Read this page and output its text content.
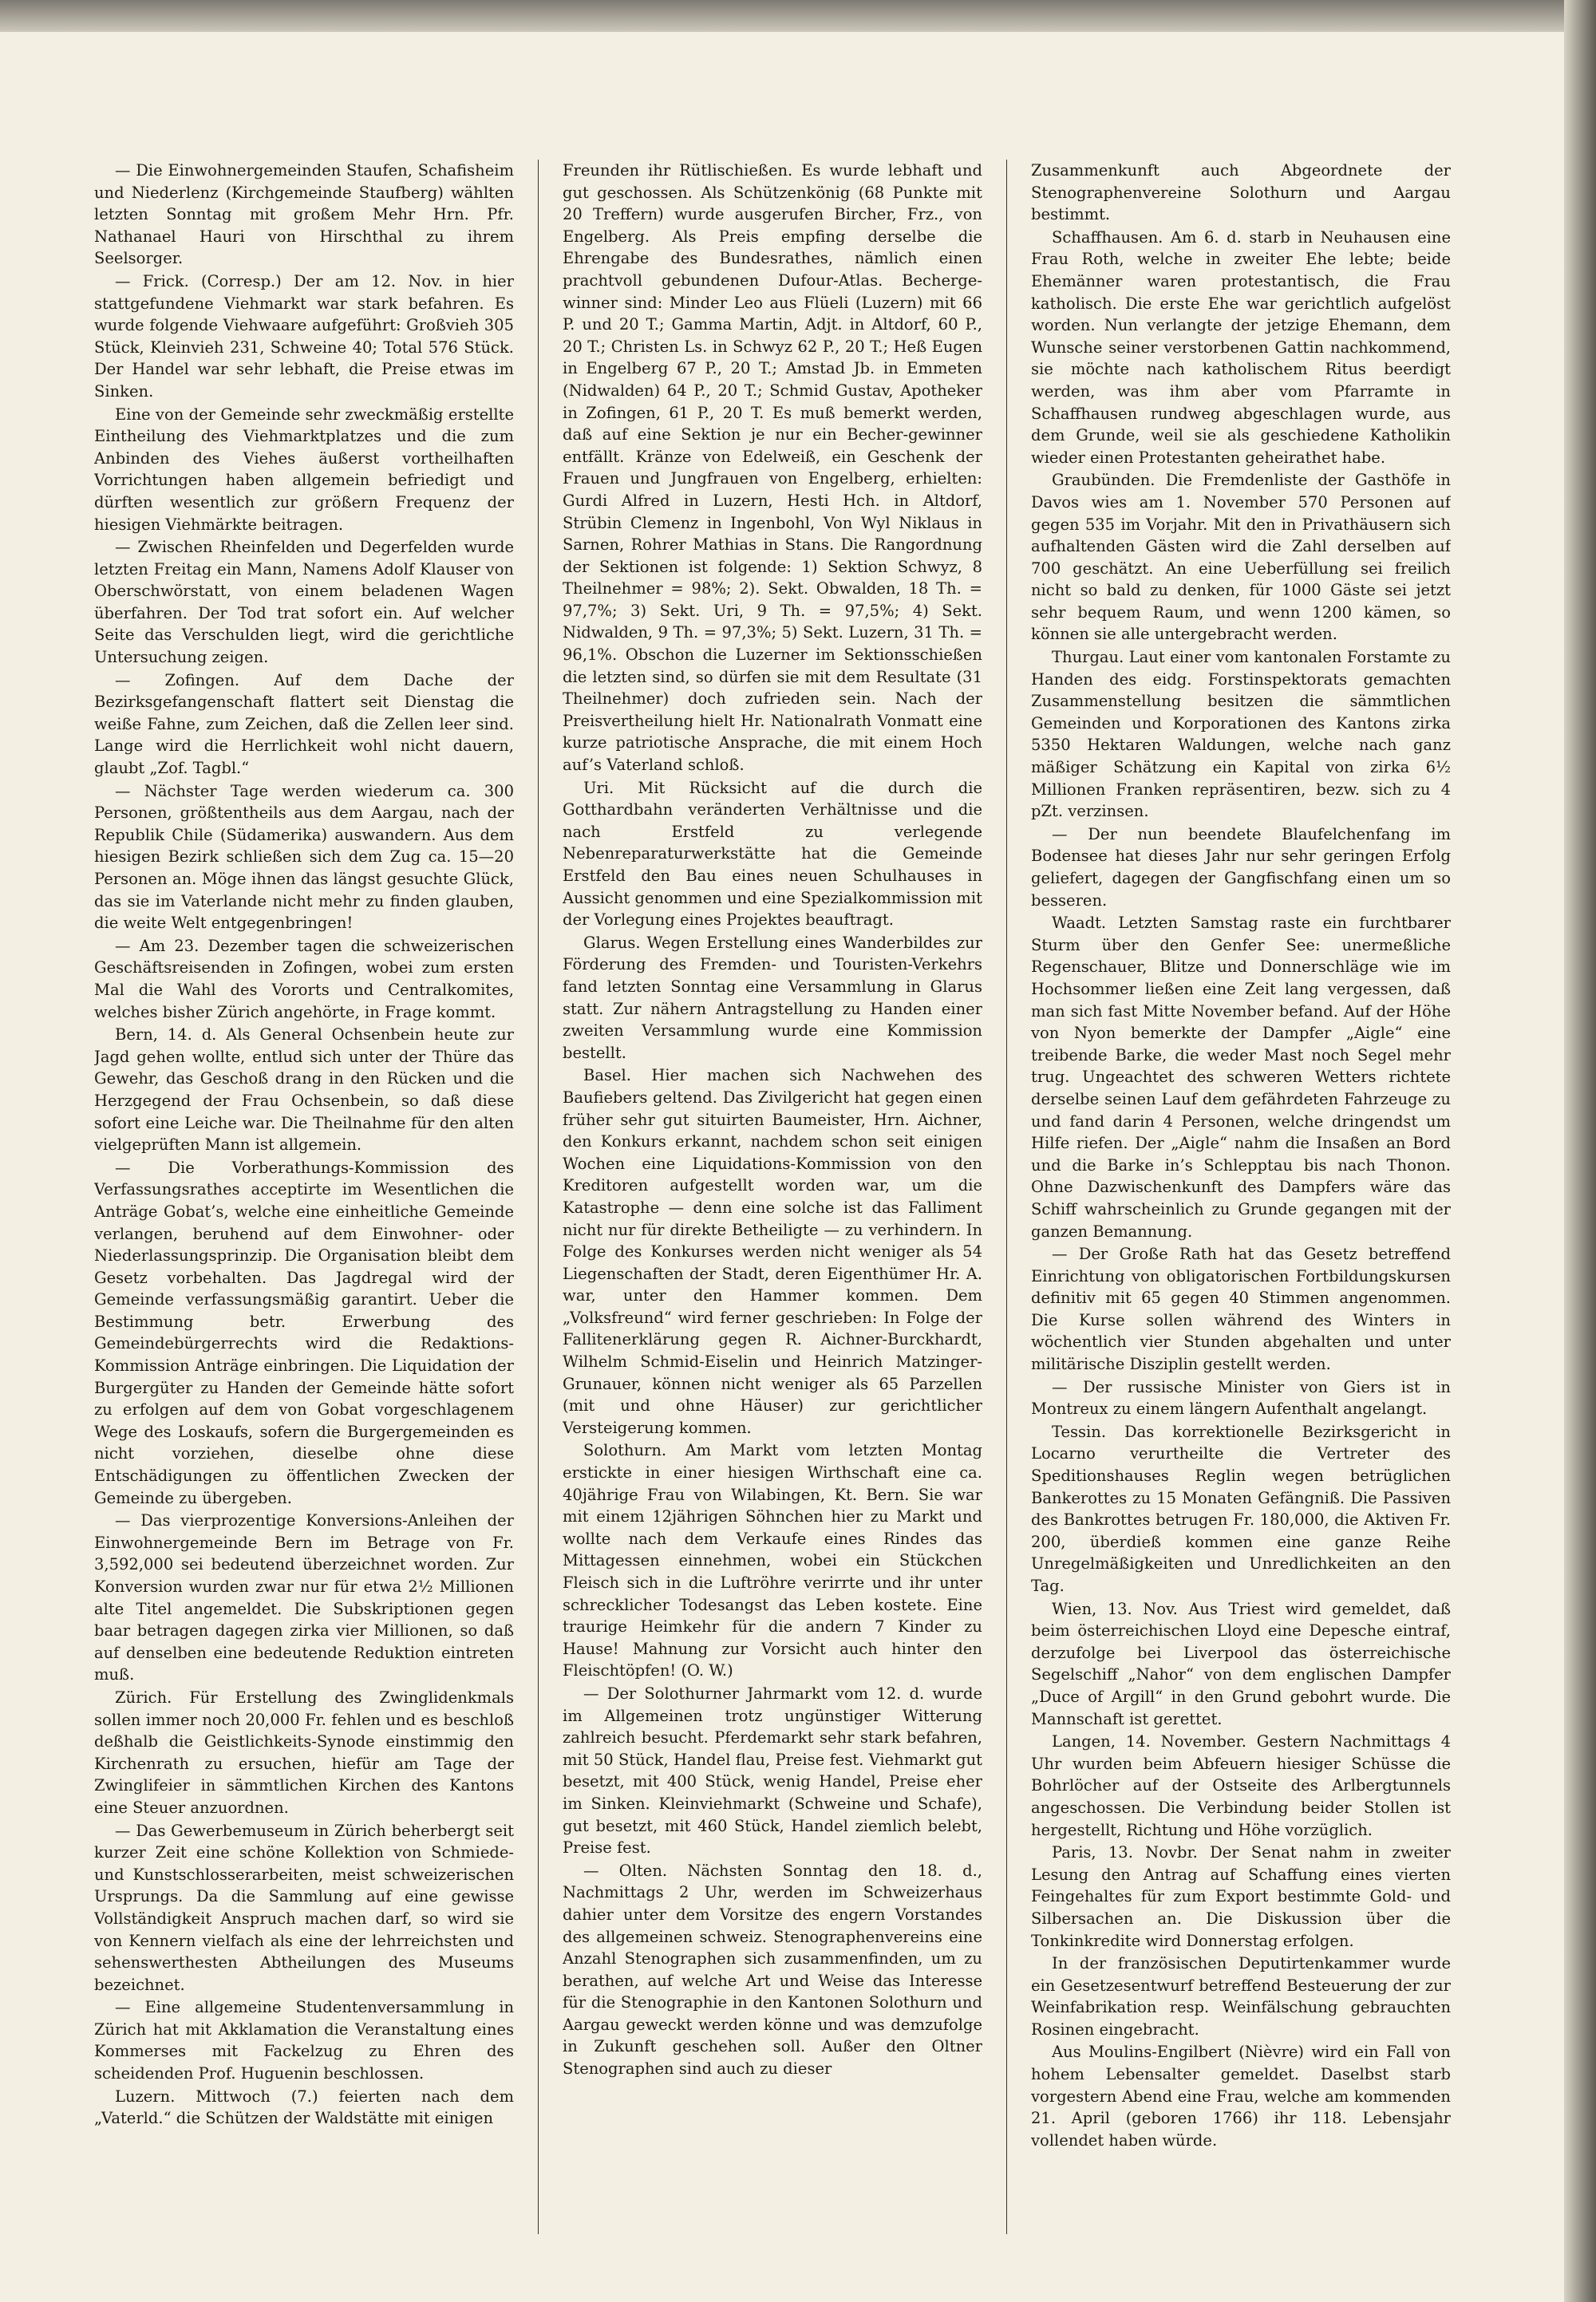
— Die Einwohnergemeinden Staufen, Schafisheim und Niederlenz (Kirchgemeinde Staufberg) wählten letzten Sonntag mit großem Mehr Hrn. Pfr. Nathanael Hauri von Hirschthal zu ihrem Seelsorger.

— Frick. (Corresp.) Der am 12. Nov. in hier stattgefundene Viehmarkt war stark befahren. Es wurde folgende Viehwaare aufgeführt: Großvieh 305 Stück, Kleinvieh 231, Schweine 40; Total 576 Stück. Der Handel war sehr lebhaft, die Preise etwas im Sinken.

Eine von der Gemeinde sehr zweckmäßig erstellte Eintheilung des Viehmarktplatzes und die zum Anbinden des Viehes äußerst vortheilhaften Vorrichtungen haben allgemein befriedigt und dürften wesentlich zur größern Frequenz der hiesigen Viehmärkte beitragen.

— Zwischen Rheinfelden und Degerfelden wurde letzten Freitag ein Mann, Namens Adolf Klauser von Oberschwörstatt, von einem beladenen Wagen überfahren. Der Tod trat sofort ein. Auf welcher Seite das Verschulden liegt, wird die gerichtliche Untersuchung zeigen.

— Zofingen. Auf dem Dache der Bezirksgefangenschaft flattert seit Dienstag die weiße Fahne, zum Zeichen, daß die Zellen leer sind. Lange wird die Herrlichkeit wohl nicht dauern, glaubt „Zof. Tagbl.“

— Nächster Tage werden wiederum ca. 300 Personen, größtentheils aus dem Aargau, nach der Republik Chile (Südamerika) auswandern. Aus dem hiesigen Bezirk schließen sich dem Zug ca. 15—20 Personen an. Möge ihnen das längst gesuchte Glück, das sie im Vaterlande nicht mehr zu finden glauben, die weite Welt entgegenbringen!

— Am 23. Dezember tagen die schweizerischen Geschäftsreisenden in Zofingen, wobei zum ersten Mal die Wahl des Vororts und Centralkomites, welches bisher Zürich angehörte, in Frage kommt.

Bern, 14. d. Als General Ochsenbein heute zur Jagd gehen wollte, entlud sich unter der Thüre das Gewehr, das Geschoß drang in den Rücken und die Herzgegend der Frau Ochsenbein, so daß diese sofort eine Leiche war. Die Theilnahme für den alten vielgeprüften Mann ist allgemein.

— Die Vorberathungs-Kommission des Verfassungsrathes acceptirte im Wesentlichen die Anträge Gobat’s, welche eine einheitliche Gemeinde verlangen, beruhend auf dem Einwohner- oder Niederlassungsprinzip. Die Organisation bleibt dem Gesetz vorbehalten. Das Jagdregal wird der Gemeinde verfassungsmäßig garantirt. Ueber die Bestimmung betr. Erwerbung des Gemeindebürgerrechts wird die Redaktions-Kommission Anträge einbringen. Die Liquidation der Burgergüter zu Handen der Gemeinde hätte sofort zu erfolgen auf dem von Gobat vorgeschlagenem Wege des Loskaufs, sofern die Burgergemeinden es nicht vorziehen, dieselbe ohne diese Entschädigungen zu öffentlichen Zwecken der Gemeinde zu übergeben.

— Das vierprozentige Konversions-Anleihen der Einwohnergemeinde Bern im Betrage von Fr. 3,592,000 sei bedeutend überzeichnet worden. Zur Konversion wurden zwar nur für etwa 2½ Millionen alte Titel angemeldet. Die Subskriptionen gegen baar betragen dagegen zirka vier Millionen, so daß auf denselben eine bedeutende Reduktion eintreten muß.

Zürich. Für Erstellung des Zwinglidenkmals sollen immer noch 20,000 Fr. fehlen und es beschloß deßhalb die Geistlichkeits-Synode einstimmig den Kirchenrath zu ersuchen, hiefür am Tage der Zwinglifeier in sämmtlichen Kirchen des Kantons eine Steuer anzuordnen.

— Das Gewerbemuseum in Zürich beherbergt seit kurzer Zeit eine schöne Kollektion von Schmiede- und Kunstschlosserarbeiten, meist schweizerischen Ursprungs. Da die Sammlung auf eine gewisse Vollständigkeit Anspruch machen darf, so wird sie von Kennern vielfach als eine der lehrreichsten und sehenswerthesten Abtheilungen des Museums bezeichnet.

— Eine allgemeine Studentenversammlung in Zürich hat mit Akklamation die Veranstaltung eines Kommerses mit Fackelzug zu Ehren des scheidenden Prof. Huguenin beschlossen.

Luzern. Mittwoch (7.) feierten nach dem „Vaterld.“ die Schützen der Waldstätte mit einigen

Freunden ihr Rütlischießen. Es wurde lebhaft und gut geschossen. Als Schützenkönig (68 Punkte mit 20 Treffern) wurde ausgerufen Bircher, Frz., von Engelberg. Als Preis empfing derselbe die Ehrengabe des Bundesrathes, nämlich einen prachtvoll gebundenen Dufour-Atlas. Becherge-winner sind: Minder Leo aus Flüeli (Luzern) mit 66 P. und 20 T.; Gamma Martin, Adjt. in Altdorf, 60 P., 20 T.; Christen Ls. in Schwyz 62 P., 20 T.; Heß Eugen in Engelberg 67 P., 20 T.; Amstad Jb. in Emmeten (Nidwalden) 64 P., 20 T.; Schmid Gustav, Apotheker in Zofingen, 61 P., 20 T. Es muß bemerkt werden, daß auf eine Sektion je nur ein Becher-gewinner entfällt. Kränze von Edelweiß, ein Geschenk der Frauen und Jungfrauen von Engelberg, erhielten: Gurdi Alfred in Luzern, Hesti Hch. in Altdorf, Strübin Clemenz in Ingenbohl, Von Wyl Niklaus in Sarnen, Rohrer Mathias in Stans. Die Rangordnung der Sektionen ist folgende: 1) Sektion Schwyz, 8 Theilnehmer = 98%; 2). Sekt. Obwalden, 18 Th. = 97,7%; 3) Sekt. Uri, 9 Th. = 97,5%; 4) Sekt. Nidwalden, 9 Th. = 97,3%; 5) Sekt. Luzern, 31 Th. = 96,1%. Obschon die Luzerner im Sektionsschießen die letzten sind, so dürfen sie mit dem Resultate (31 Theilnehmer) doch zufrieden sein. Nach der Preisvertheilung hielt Hr. Nationalrath Vonmatt eine kurze patriotische Ansprache, die mit einem Hoch auf’s Vaterland schloß.

Uri. Mit Rücksicht auf die durch die Gotthardbahn veränderten Verhältnisse und die nach Erstfeld zu verlegende Nebenreparaturwerkstätte hat die Gemeinde Erstfeld den Bau eines neuen Schulhauses in Aussicht genommen und eine Spezialkommission mit der Vorlegung eines Projektes beauftragt.

Glarus. Wegen Erstellung eines Wanderbildes zur Förderung des Fremden- und Touristen-Verkehrs fand letzten Sonntag eine Versammlung in Glarus statt. Zur nähern Antragstellung zu Handen einer zweiten Versammlung wurde eine Kommission bestellt.

Basel. Hier machen sich Nachwehen des Baufiebers geltend. Das Zivilgericht hat gegen einen früher sehr gut situirten Baumeister, Hrn. Aichner, den Konkurs erkannt, nachdem schon seit einigen Wochen eine Liquidations-Kommission von den Kreditoren aufgestellt worden war, um die Katastrophe — denn eine solche ist das Falliment nicht nur für direkte Betheiligte — zu verhindern. In Folge des Konkurses werden nicht weniger als 54 Liegenschaften der Stadt, deren Eigenthümer Hr. A. war, unter den Hammer kommen. Dem „Volksfreund“ wird ferner geschrieben: In Folge der Fallitenerklärung gegen R. Aichner-Burckhardt, Wilhelm Schmid-Eiselin und Heinrich Matzinger-Grunauer, können nicht weniger als 65 Parzellen (mit und ohne Häuser) zur gerichtlicher Versteigerung kommen.

Solothurn. Am Markt vom letzten Montag erstickte in einer hiesigen Wirthschaft eine ca. 40jährige Frau von Wilabingen, Kt. Bern. Sie war mit einem 12jährigen Söhnchen hier zu Markt und wollte nach dem Verkaufe eines Rindes das Mittagessen einnehmen, wobei ein Stückchen Fleisch sich in die Luftröhre verirrte und ihr unter schrecklicher Todesangst das Leben kostete. Eine traurige Heimkehr für die andern 7 Kinder zu Hause! Mahnung zur Vorsicht auch hinter den Fleischtöpfen! (O. W.)

— Der Solothurner Jahrmarkt vom 12. d. wurde im Allgemeinen trotz ungünstiger Witterung zahlreich besucht. Pferdemarkt sehr stark befahren, mit 50 Stück, Handel flau, Preise fest. Viehmarkt gut besetzt, mit 400 Stück, wenig Handel, Preise eher im Sinken. Kleinviehmarkt (Schweine und Schafe), gut besetzt, mit 460 Stück, Handel ziemlich belebt, Preise fest.

— Olten. Nächsten Sonntag den 18. d., Nachmittags 2 Uhr, werden im Schweizerhaus dahier unter dem Vorsitze des engern Vorstandes des allgemeinen schweiz. Stenographenvereins eine Anzahl Stenographen sich zusammenfinden, um zu berathen, auf welche Art und Weise das Interesse für die Stenographie in den Kantonen Solothurn und Aargau geweckt werden könne und was demzufolge in Zukunft geschehen soll. Außer den Oltner Stenographen sind auch zu dieser

Zusammenkunft auch Abgeordnete der Stenographenvereine Solothurn und Aargau bestimmt.

Schaffhausen. Am 6. d. starb in Neuhausen eine Frau Roth, welche in zweiter Ehe lebte; beide Ehemänner waren protestantisch, die Frau katholisch. Die erste Ehe war gerichtlich aufgelöst worden. Nun verlangte der jetzige Ehemann, dem Wunsche seiner verstorbenen Gattin nachkommend, sie möchte nach katholischem Ritus beerdigt werden, was ihm aber vom Pfarramte in Schaffhausen rundweg abgeschlagen wurde, aus dem Grunde, weil sie als geschiedene Katholikin wieder einen Protestanten geheirathet habe.

Graubünden. Die Fremdenliste der Gasthöfe in Davos wies am 1. November 570 Personen auf gegen 535 im Vorjahr. Mit den in Privathäusern sich aufhaltenden Gästen wird die Zahl derselben auf 700 geschätzt. An eine Ueberfüllung sei freilich nicht so bald zu denken, für 1000 Gäste sei jetzt sehr bequem Raum, und wenn 1200 kämen, so können sie alle untergebracht werden.

Thurgau. Laut einer vom kantonalen Forstamte zu Handen des eidg. Forstinspektorats gemachten Zusammenstellung besitzen die sämmtlichen Gemeinden und Korporationen des Kantons zirka 5350 Hektaren Waldungen, welche nach ganz mäßiger Schätzung ein Kapital von zirka 6½ Millionen Franken repräsentiren, bezw. sich zu 4 pZt. verzinsen.

— Der nun beendete Blaufelchenfang im Bodensee hat dieses Jahr nur sehr geringen Erfolg geliefert, dagegen der Gangfischfang einen um so besseren.

Waadt. Letzten Samstag raste ein furchtbarer Sturm über den Genfer See: unermeßliche Regenschauer, Blitze und Donnerschläge wie im Hochsommer ließen eine Zeit lang vergessen, daß man sich fast Mitte November befand. Auf der Höhe von Nyon bemerkte der Dampfer „Aigle“ eine treibende Barke, die weder Mast noch Segel mehr trug. Ungeachtet des schweren Wetters richtete derselbe seinen Lauf dem gefährdeten Fahrzeuge zu und fand darin 4 Personen, welche dringendst um Hilfe riefen. Der „Aigle“ nahm die Insaßen an Bord und die Barke in’s Schlepptau bis nach Thonon. Ohne Dazwischenkunft des Dampfers wäre das Schiff wahrscheinlich zu Grunde gegangen mit der ganzen Bemannung.

— Der Große Rath hat das Gesetz betreffend Einrichtung von obligatorischen Fortbildungskursen definitiv mit 65 gegen 40 Stimmen angenommen. Die Kurse sollen während des Winters in wöchentlich vier Stunden abgehalten und unter militärische Disziplin gestellt werden.

— Der russische Minister von Giers ist in Montreux zu einem längern Aufenthalt angelangt.

Tessin. Das korrektionelle Bezirksgericht in Locarno verurtheilte die Vertreter des Speditionshauses Reglin wegen betrüglichen Bankerottes zu 15 Monaten Gefängniß. Die Passiven des Bankrottes betrugen Fr. 180,000, die Aktiven Fr. 200, überdieß kommen eine ganze Reihe Unregelmäßigkeiten und Unredlichkeiten an den Tag.

Wien, 13. Nov. Aus Triest wird gemeldet, daß beim österreichischen Lloyd eine Depesche eintraf, derzufolge bei Liverpool das österreichische Segelschiff „Nahor“ von dem englischen Dampfer „Duce of Argill“ in den Grund gebohrt wurde. Die Mannschaft ist gerettet.

Langen, 14. November. Gestern Nachmittags 4 Uhr wurden beim Abfeuern hiesiger Schüsse die Bohrlöcher auf der Ostseite des Arlbergtunnels angeschossen. Die Verbindung beider Stollen ist hergestellt, Richtung und Höhe vorzüglich.

Paris, 13. Novbr. Der Senat nahm in zweiter Lesung den Antrag auf Schaffung eines vierten Feingehaltes für zum Export bestimmte Gold- und Silbersachen an. Die Diskussion über die Tonkinkredite wird Donnerstag erfolgen.

In der französischen Deputirtenkammer wurde ein Gesetzesentwurf betreffend Besteuerung der zur Weinfabrikation resp. Weinfälschung gebrauchten Rosinen eingebracht.

Aus Moulins-Engilbert (Nièvre) wird ein Fall von hohem Lebensalter gemeldet. Daselbst starb vorgestern Abend eine Frau, welche am kommenden 21. April (geboren 1766) ihr 118. Lebensjahr vollendet haben würde.
